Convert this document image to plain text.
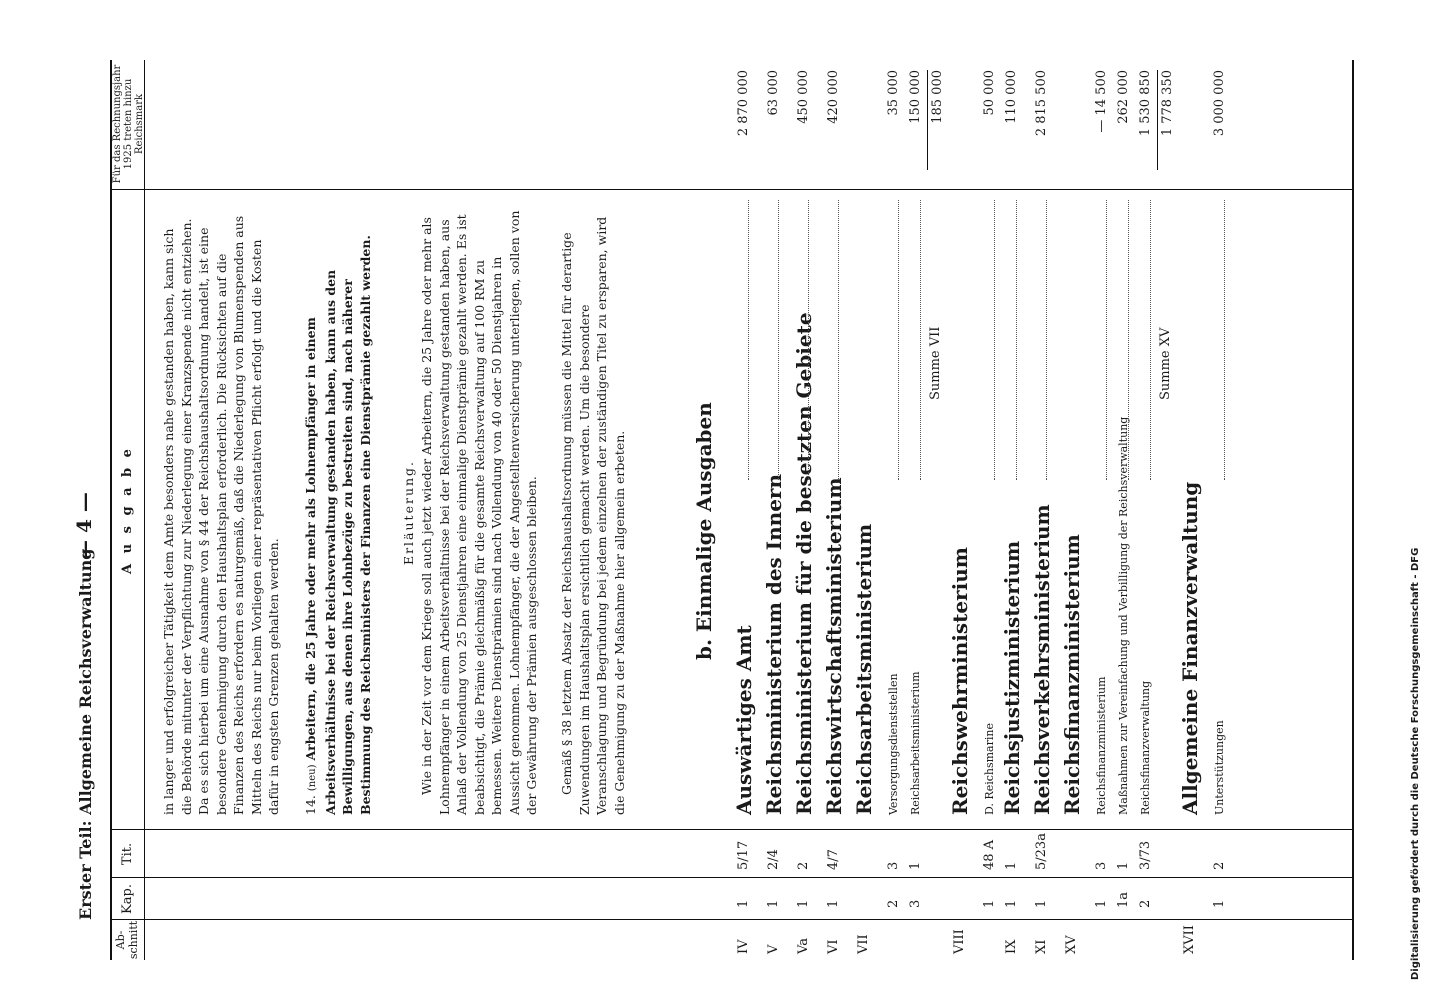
Erster Teil: Allgemeine Reichsverwaltung
— 4 —
Ab-schnitt
Kap.
Tit.
A u s g a b e
Für das Rechnungsjahr 1925 treten hinzu Reichsmark
in langer und erfolgreicher Tätigkeit dem Amte besonders nahe gestanden haben, kann sich die Behörde mitunter der Verpflichtung zur Niederlegung einer Kranzspende nicht entziehen. Da es sich hierbei um eine Ausnahme von § 44 der Reichshaushaltsordnung handelt, ist eine besondere Genehmigung durch den Haushaltsplan erforderlich. Die Rücksichten auf die Finanzen des Reichs erfordern es naturgemäß, daß die Niederlegung von Blumenspenden aus Mitteln des Reichs nur beim Vorliegen einer repräsentativen Pflicht erfolgt und die Kosten dafür in engsten Grenzen gehalten werden. 14. (neu) Arbeitern, die 25 Jahre oder mehr als Lohnempfänger in einem Arbeitsverhältnisse bei der Reichsverwaltung gestanden haben, kann aus den Bewilligungen, aus denen ihre Lohnbezüge zu bestreiten sind, nach näherer Bestimmung des Reichsministers der Finanzen eine Dienstprämie gezahlt werden. Erläuterung. Wie in der Zeit vor dem Kriege soll auch jetzt wieder Arbeitern, die 25 Jahre oder mehr als Lohnempfänger in einem Arbeitsverhältnisse bei der Reichsverwaltung gestanden haben, aus Anlaß der Vollendung von 25 Dienstjahren eine einmalige Dienstprämie gezahlt werden. Es ist beabsichtigt, die Prämie gleichmäßig für die gesamte Reichsverwaltung auf 100 RM zu bemessen. Weitere Dienstprämien sind nach Vollendung von 40 oder 50 Dienstjahren in Aussicht genommen. Lohnempfänger, die der Angestelltenversicherung unterliegen, sollen von der Gewährung der Prämien ausgeschlossen bleiben. Gemäß § 38 letztem Absatz der Reichshaushaltsordnung müssen die Mittel für derartige Zuwendungen im Haushaltsplan ersichtlich gemacht werden. Um die besondere Veranschlagung und Begründung bei jedem einzelnen der zuständigen Titel zu ersparen, wird die Genehmigung zu der Maßnahme hier allgemein erbeten.	b. Einmalige Ausgaben
IV
1
5/17
Auswärtiges Amt
2 870 000
V
1
2/4
Reichsministerium des Innern
63 000
Va
1
2
Reichsministerium für die besetzten Gebiete
450 000
VI
1
4/7
Reichswirtschaftsministerium
420 000
VII
Reichsarbeitsministerium
2
3
Versorgungsdienststellen
35 000
3
1
Reichsarbeitsministerium
150 000
Summe VII
185 000
VIII
Reichswehrministerium
1
48 A
D. Reichsmarine
50 000
IX
1
1
Reichsjustizministerium
110 000
XI
1
5/23a
Reichsverkehrsministerium
2 815 500
XV
Reichsfinanzministerium
1
3
Reichsfinanzministerium
— 14 500
1a
1
Maßnahmen zur Vereinfachung und Verbilligung der Reichsverwaltung
262 000
2
3/73
Reichsfinanzverwaltung
1 530 850
Summe XV
1 778 350
XVII
Allgemeine Finanzverwaltung
1
2
Unterstützungen
3 000 000
Digitalisierung gefördert durch die Deutsche Forschungsgemeinschaft - DFG
